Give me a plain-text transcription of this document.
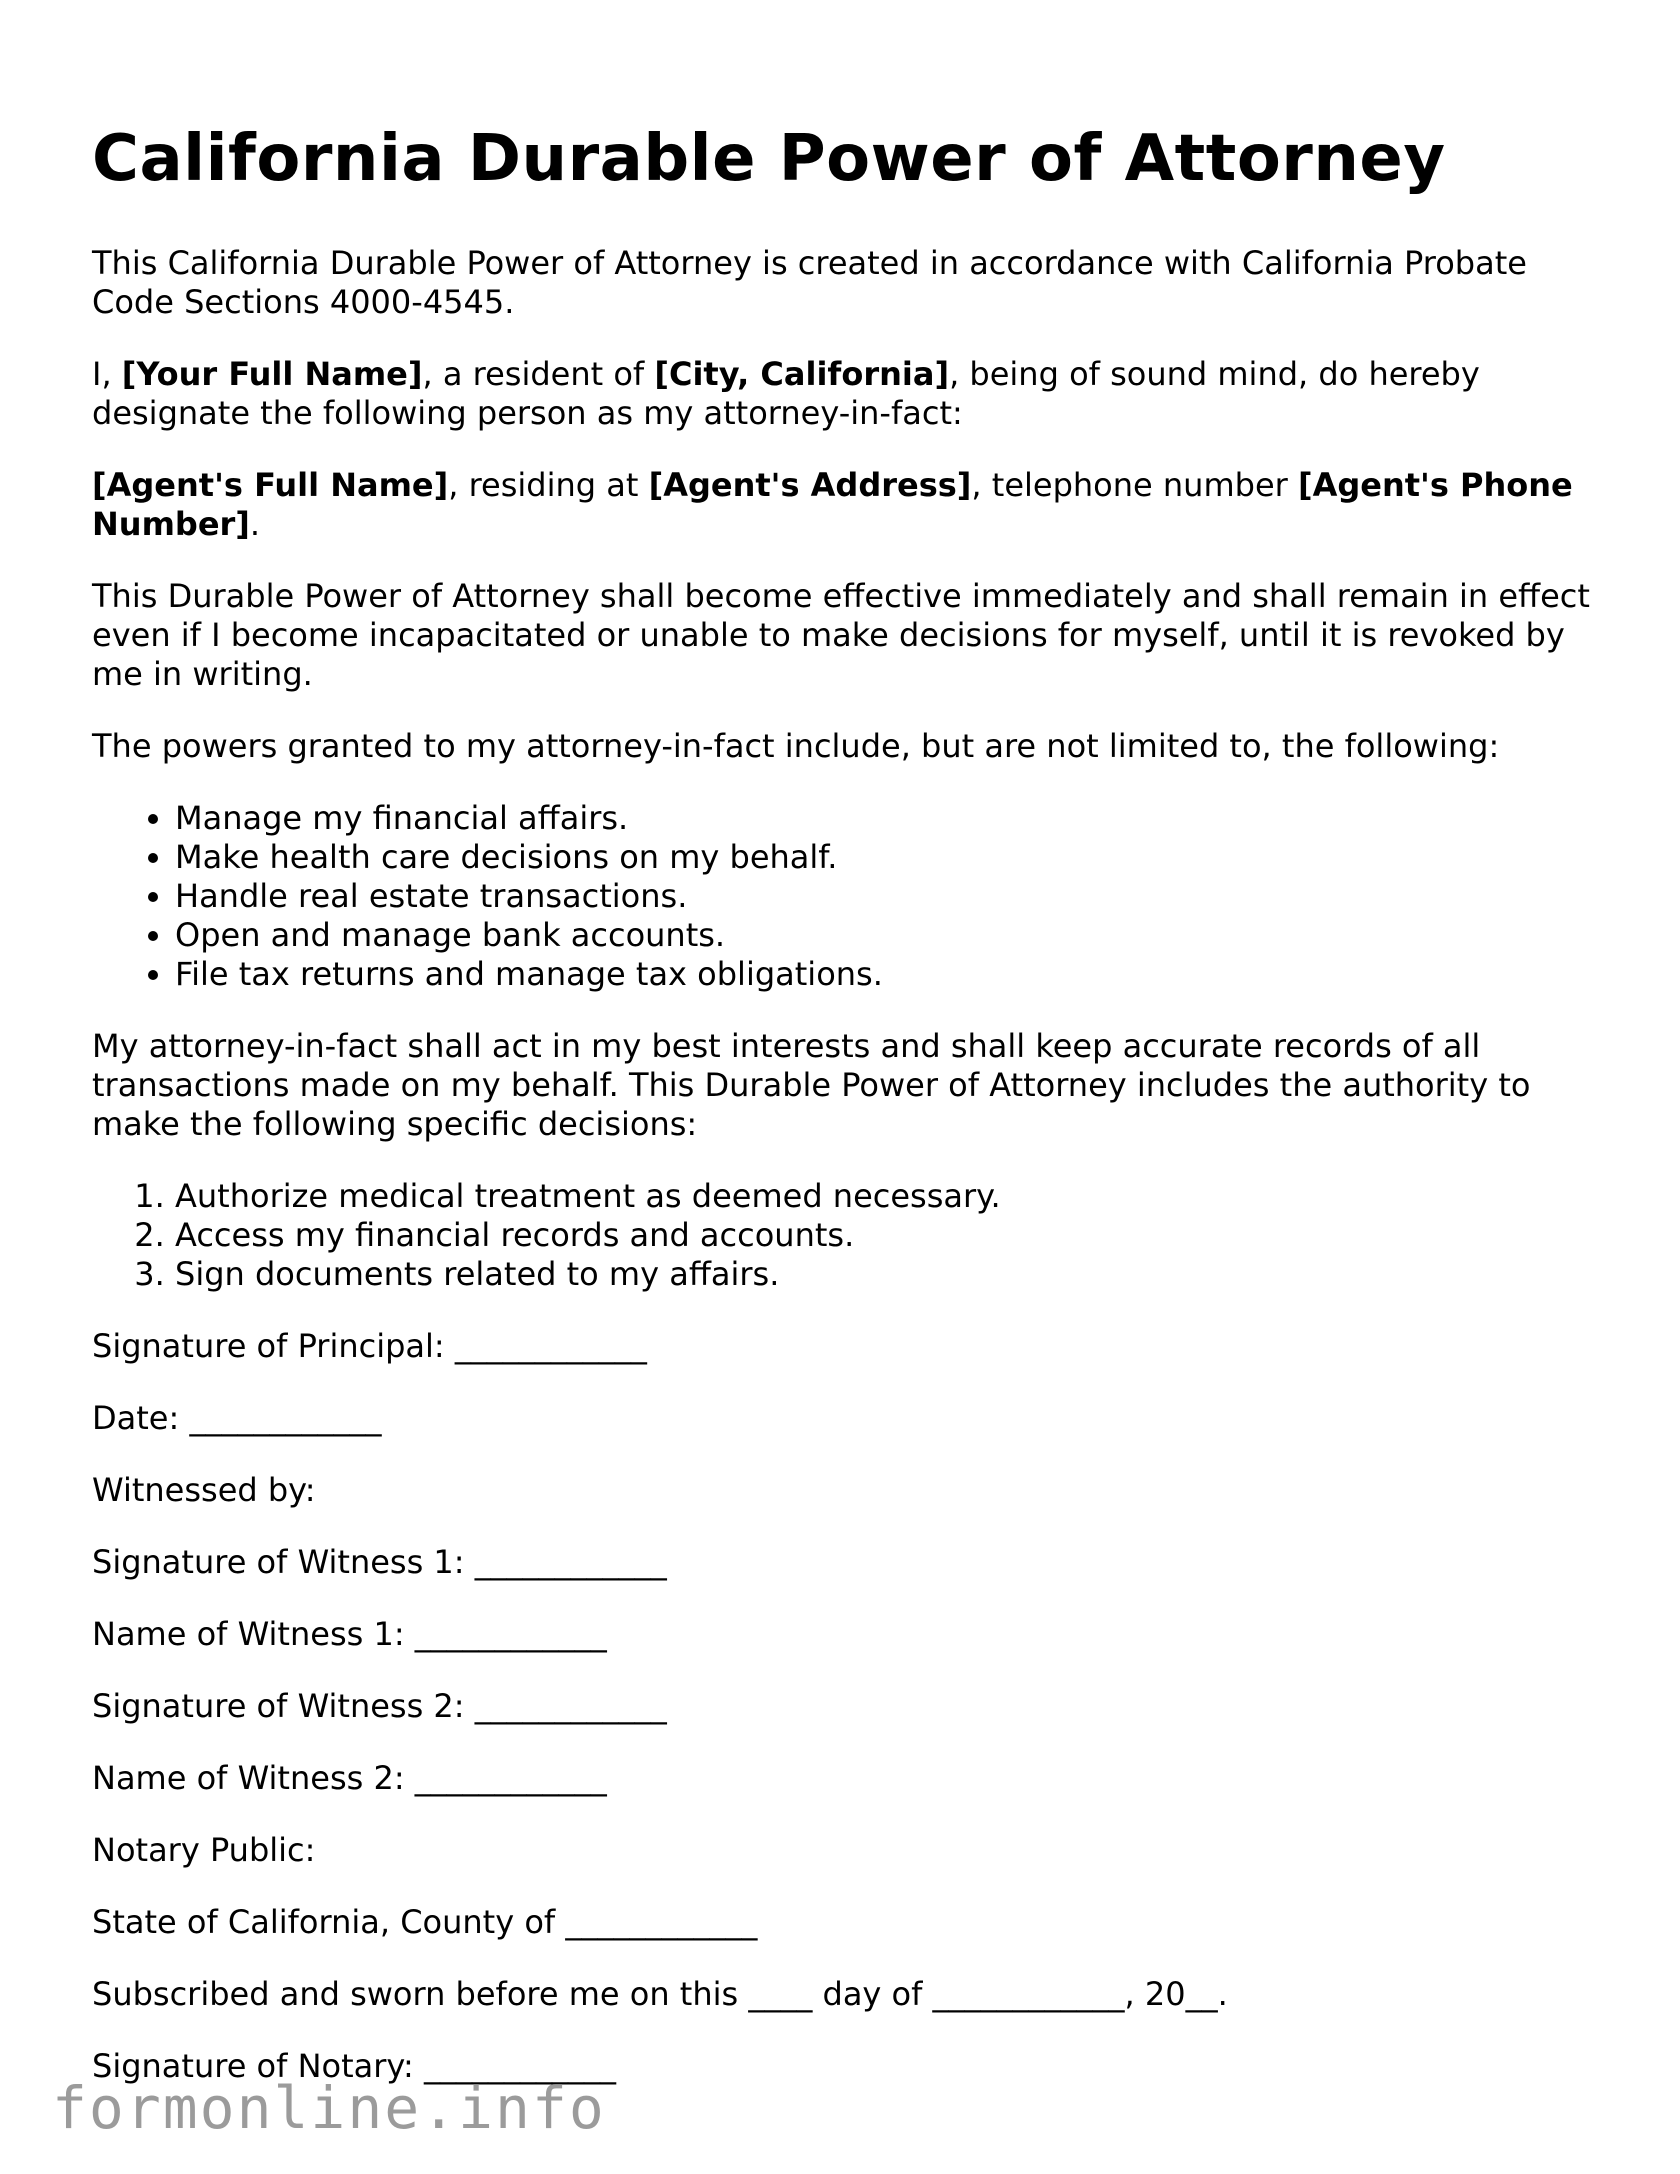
California Durable Power of Attorney

This California Durable Power of Attorney is created in accordance with California Probate Code Sections 4000-4545.

I, [Your Full Name], a resident of [City, California], being of sound mind, do hereby designate the following person as my attorney-in-fact:

[Agent's Full Name], residing at [Agent's Address], telephone number [Agent's Phone Number].

This Durable Power of Attorney shall become effective immediately and shall remain in effect even if I become incapacitated or unable to make decisions for myself, until it is revoked by me in writing.

The powers granted to my attorney-in-fact include, but are not limited to, the following:

• Manage my financial affairs.
• Make health care decisions on my behalf.
• Handle real estate transactions.
• Open and manage bank accounts.
• File tax returns and manage tax obligations.

My attorney-in-fact shall act in my best interests and shall keep accurate records of all transactions made on my behalf. This Durable Power of Attorney includes the authority to make the following specific decisions:

1. Authorize medical treatment as deemed necessary.
2. Access my financial records and accounts.
3. Sign documents related to my affairs.

Signature of Principal: ____________

Date: ____________

Witnessed by:

Signature of Witness 1: ____________

Name of Witness 1: ____________

Signature of Witness 2: ____________

Name of Witness 2: ____________

Notary Public:

State of California, County of ____________

Subscribed and sworn before me on this ____ day of ____________, 20__.

Signature of Notary: ____________

formonline.info
